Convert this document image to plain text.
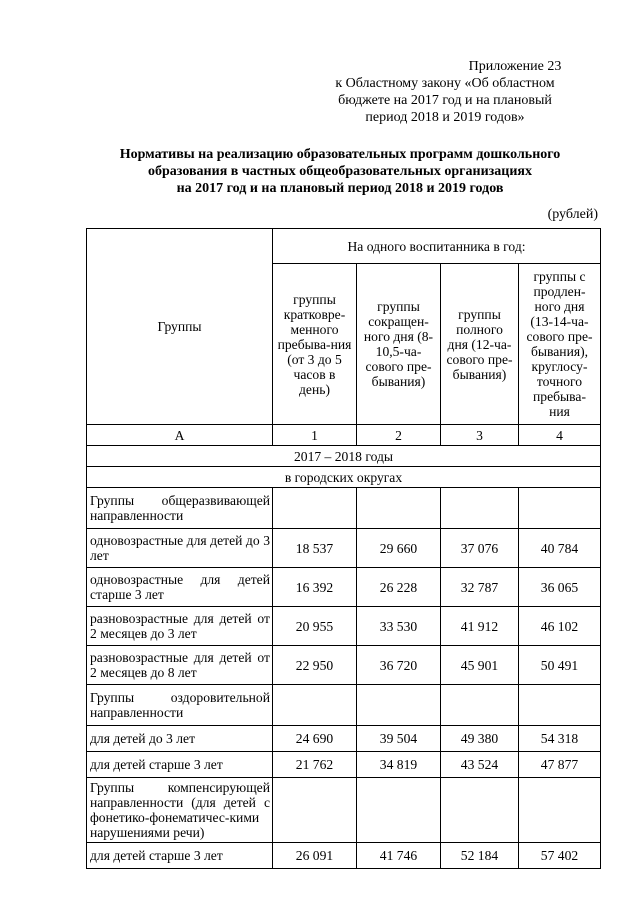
Приложение 23
к Областному закону «Об областном
бюджете на 2017 год и на плановый
период 2018 и 2019 годов»
Нормативы на реализацию образовательных программ дошкольного
образования в частных общеобразовательных организациях
на 2017 год и на плановый период 2018 и 2019 годов
(рублей)
Группы	На одного воспитанника в год:			

	группы кратковре-менного пребыва-ния (от 3 до 5 часов в день)	группы сокращен-ного дня (8-10,5-ча-сового пре-бывания)	группы полного дня (12-ча-сового пре-бывания)	группы с продлен-ного дня (13-14-ча-сового пре-бывания), круглосу-точного пребыва-ния

А	1	2	3	4
2017 – 2018 годы				
в городских округах				
Группы общеразвивающей направленности				
одновозрастные для детей до 3 лет	18 537	29 660	37 076	40 784
одновозрастные для детей старше 3 лет	16 392	26 228	32 787	36 065
разновозрастные для детей от 2 месяцев до 3 лет	20 955	33 530	41 912	46 102
разновозрастные для детей от 2 месяцев до 8 лет	22 950	36 720	45 901	50 491
Группы оздоровительной направленности				
для детей до 3 лет	24 690	39 504	49 380	54 318
для детей старше 3 лет	21 762	34 819	43 524	47 877
Группы компенсирующей направленности (для детей с фонетико-фонематичес-кими нарушениями речи)				
для детей старше 3 лет	26 091	41 746	52 184	57 402
